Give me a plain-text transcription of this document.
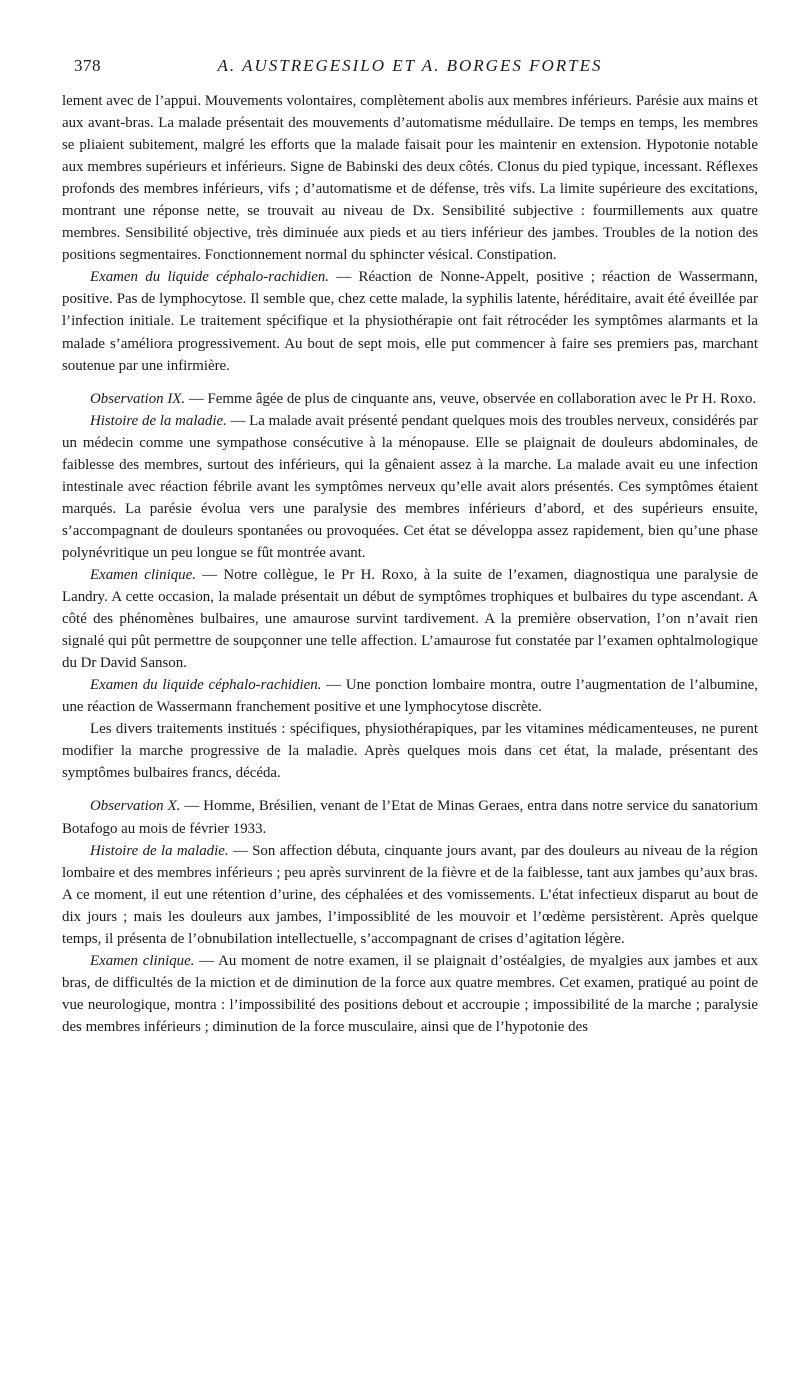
378	A. AUSTREGESILO ET A. BORGES FORTES

lement avec de l’appui. Mouvements volontaires, complètement abolis aux membres inférieurs. Parésie aux mains et aux avant-bras. La malade présentait des mouvements d’automatisme médullaire. De temps en temps, les membres se pliaient subitement, malgré les efforts que la malade faisait pour les maintenir en extension. Hypotonie notable aux membres supérieurs et inférieurs. Signe de Babinski des deux côtés. Clonus du pied typique, incessant. Réflexes profonds des membres inférieurs, vifs ; d’automatisme et de défense, très vifs. La limite supérieure des excitations, montrant une réponse nette, se trouvait au niveau de Dx. Sensibilité subjective : fourmillements aux quatre membres. Sensibilité objective, très diminuée aux pieds et au tiers inférieur des jambes. Troubles de la notion des positions segmentaires. Fonctionnement normal du sphincter vésical. Constipation.

Examen du liquide céphalo-rachidien. — Réaction de Nonne-Appelt, positive ; réaction de Wassermann, positive. Pas de lymphocytose. Il semble que, chez cette malade, la syphilis latente, héréditaire, avait été éveillée par l’infection initiale. Le traitement spécifique et la physiothérapie ont fait rétrocéder les symptômes alarmants et la malade s’améliora progressivement. Au bout de sept mois, elle put commencer à faire ses premiers pas, marchant soutenue par une infirmière.

Observation IX. — Femme âgée de plus de cinquante ans, veuve, observée en collaboration avec le Pr H. Roxo.

Histoire de la maladie. — La malade avait présenté pendant quelques mois des troubles nerveux, considérés par un médecin comme une sympathose consécutive à la ménopause. Elle se plaignait de douleurs abdominales, de faiblesse des membres, surtout des inférieurs, qui la gênaient assez à la marche. La malade avait eu une infection intestinale avec réaction fébrile avant les symptômes nerveux qu’elle avait alors présentés. Ces symptômes étaient marqués. La parésie évolua vers une paralysie des membres inférieurs d’abord, et des supérieurs ensuite, s’accompagnant de douleurs spontanées ou provoquées. Cet état se développa assez rapidement, bien qu’une phase polynévritique un peu longue se fût montrée avant.

Examen clinique. — Notre collègue, le Pr H. Roxo, à la suite de l’examen, diagnostiqua une paralysie de Landry. A cette occasion, la malade présentait un début de symptômes trophiques et bulbaires du type ascendant. A côté des phénomènes bulbaires, une amaurose survint tardivement. A la première observation, l’on n’avait rien signalé qui pût permettre de soupçonner une telle affection. L’amaurose fut constatée par l’examen ophtalmologique du Dr David Sanson.

Examen du liquide céphalo-rachidien. — Une ponction lombaire montra, outre l’augmentation de l’albumine, une réaction de Wassermann franchement positive et une lymphocytose discrète.

Les divers traitements institués : spécifiques, physiothérapiques, par les vitamines médicamenteuses, ne purent modifier la marche progressive de la maladie. Après quelques mois dans cet état, la malade, présentant des symptômes bulbaires francs, décéda.

Observation X. — Homme, Brésilien, venant de l’Etat de Minas Geraes, entra dans notre service du sanatorium Botafogo au mois de février 1933.

Histoire de la maladie. — Son affection débuta, cinquante jours avant, par des douleurs au niveau de la région lombaire et des membres inférieurs ; peu après survinrent de la fièvre et de la faiblesse, tant aux jambes qu’aux bras. A ce moment, il eut une rétention d’urine, des céphalées et des vomissements. L’état infectieux disparut au bout de dix jours ; mais les douleurs aux jambes, l’impossiblité de les mouvoir et l’œdème persistèrent. Après quelque temps, il présenta de l’obnubilation intellectuelle, s’accompagnant de crises d’agitation légère.

Examen clinique. — Au moment de notre examen, il se plaignait d’ostéalgies, de myalgies aux jambes et aux bras, de difficultés de la miction et de diminution de la force aux quatre membres. Cet examen, pratiqué au point de vue neurologique, montra : l’impossibilité des positions debout et accroupie ; impossibilité de la marche ; paralysie des membres inférieurs ; diminution de la force musculaire, ainsi que de l’hypotonie des
